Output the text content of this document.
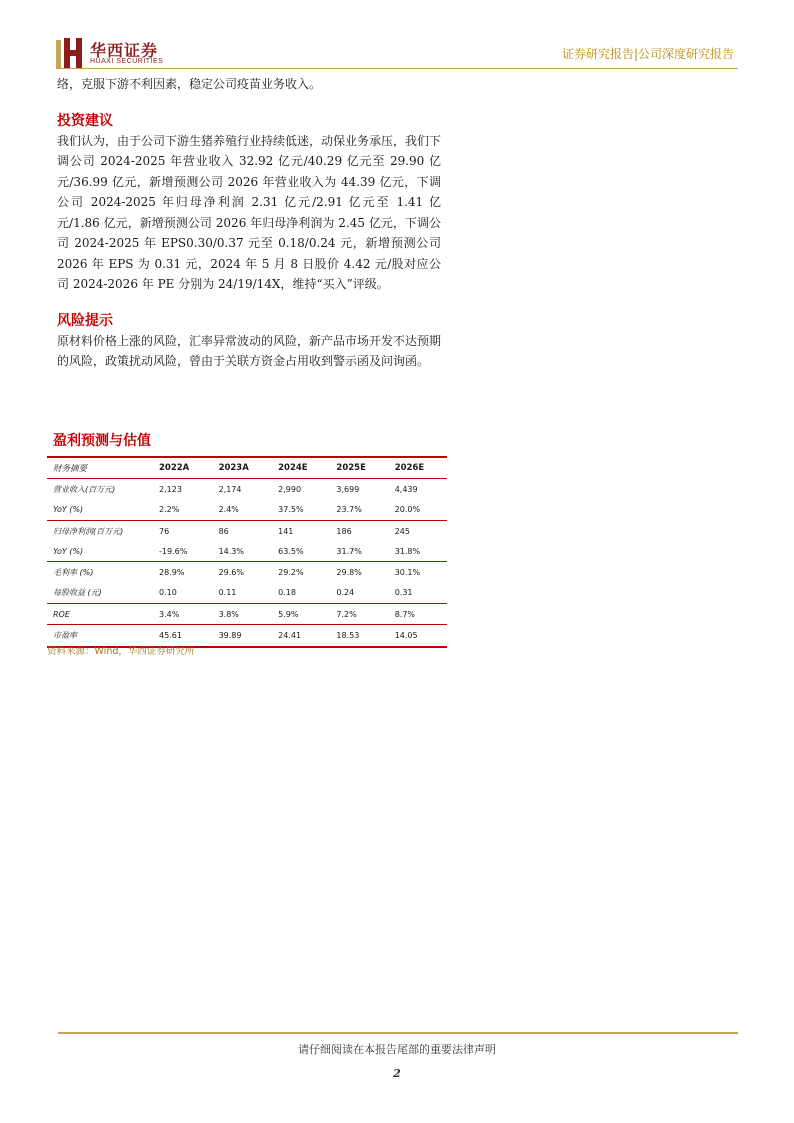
华西证券
HUAXI SECURITIES
证券研究报告|公司深度研究报告

络，克服下游不利因素，稳定公司疫苗业务收入。

投资建议

我们认为，由于公司下游生猪养殖行业持续低迷，动保业务承压，我们下调公司 2024-2025 年营业收入 32.92 亿元/40.29 亿元至 29.90 亿元/36.99 亿元，新增预测公司 2026 年营业收入为 44.39 亿元，下调公司 2024-2025 年归母净利润 2.31 亿元/2.91 亿元至 1.41 亿元/1.86 亿元，新增预测公司 2026 年归母净利润为 2.45 亿元，下调公司 2024-2025 年 EPS0.30/0.37 元至 0.18/0.24 元，新增预测公司 2026 年 EPS 为 0.31 元，2024 年 5 月 8 日股价 4.42 元/股对应公司 2024-2026 年 PE 分别为 24/19/14X，维持“买入”评级。

风险提示

原材料价格上涨的风险，汇率异常波动的风险，新产品市场开发不达预期的风险，政策扰动风险，曾由于关联方资金占用收到警示函及问询函。

盈利预测与估值
财务摘要	2022A	2023A	2024E	2025E	2026E
营业收入(百万元)	2,123	2,174	2,990	3,699	4,439
YoY (%)	2.2%	2.4%	37.5%	23.7%	20.0%
归母净利润(百万元)	76	86	141	186	245
YoY (%)	-19.6%	14.3%	63.5%	31.7%	31.8%
毛利率 (%)	28.9%	29.6%	29.2%	29.8%	30.1%
每股收益 (元)	0.10	0.11	0.18	0.24	0.31
ROE	3.4%	3.8%	5.9%	7.2%	8.7%
市盈率	45.61	39.89	24.41	18.53	14.05
资料来源：Wind，华西证券研究所
请仔细阅读在本报告尾部的重要法律声明
2
